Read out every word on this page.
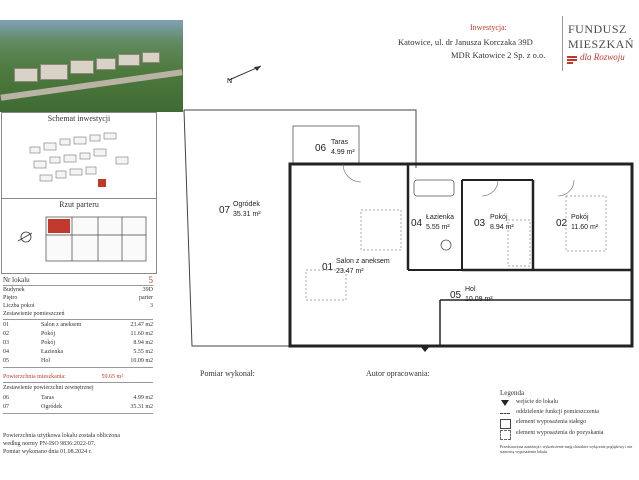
Inwestycja:
Katowice, ul. dr Janusza Korczaka 39D
MDR Katowice 2 Sp. z o.o.
FUNDUSZ
MIESZKAŃ
dla Rozwoju
N
Schemat inwestycji
Rzut parteru
Nr lokalu	5
Budynek	39D
Piętro	parter
Liczba pokoi	3
Zestawienie pomieszczeń
01	Salon z aneksem	23.47 m2
02	Pokój	11.60 m2
03	Pokój	8.94 m2
04	Łazienka	5.55 m2
05	Hol	10.09 m2
Powierzchnia mieszkania:	59.65 m²
Zestawienie powierzchni zewnętrznej
06	Taras	4.99 m2
07	Ogródek	35.31 m2
Powierzchnia użytkowa lokalu została obliczona
według normy PN-ISO 9836:2022-07.
Pomiar wykonano dnia 01.08.2024 r.
06
Taras
4.99 m²
07
Ogródek
35.31 m²
01
Salon z aneksem
23.47 m²
04
Łazienka
5.55 m² 03
Pokój
8.94 m²	02
Pokój
11.60 m²
05
Hol
10.09 m²
Pomiar wykonał:	Autor opracowania:
Legenda
wejście do lokalu
oddzielenie funkcji pomieszczenia
element wyposażenia stałego
element wyposażenia do pozyskania
Przedstawiona aranżacja i wykończenie mają charakter wyłącznie poglądowy i nie stanowią wyposażenia lokalu.
